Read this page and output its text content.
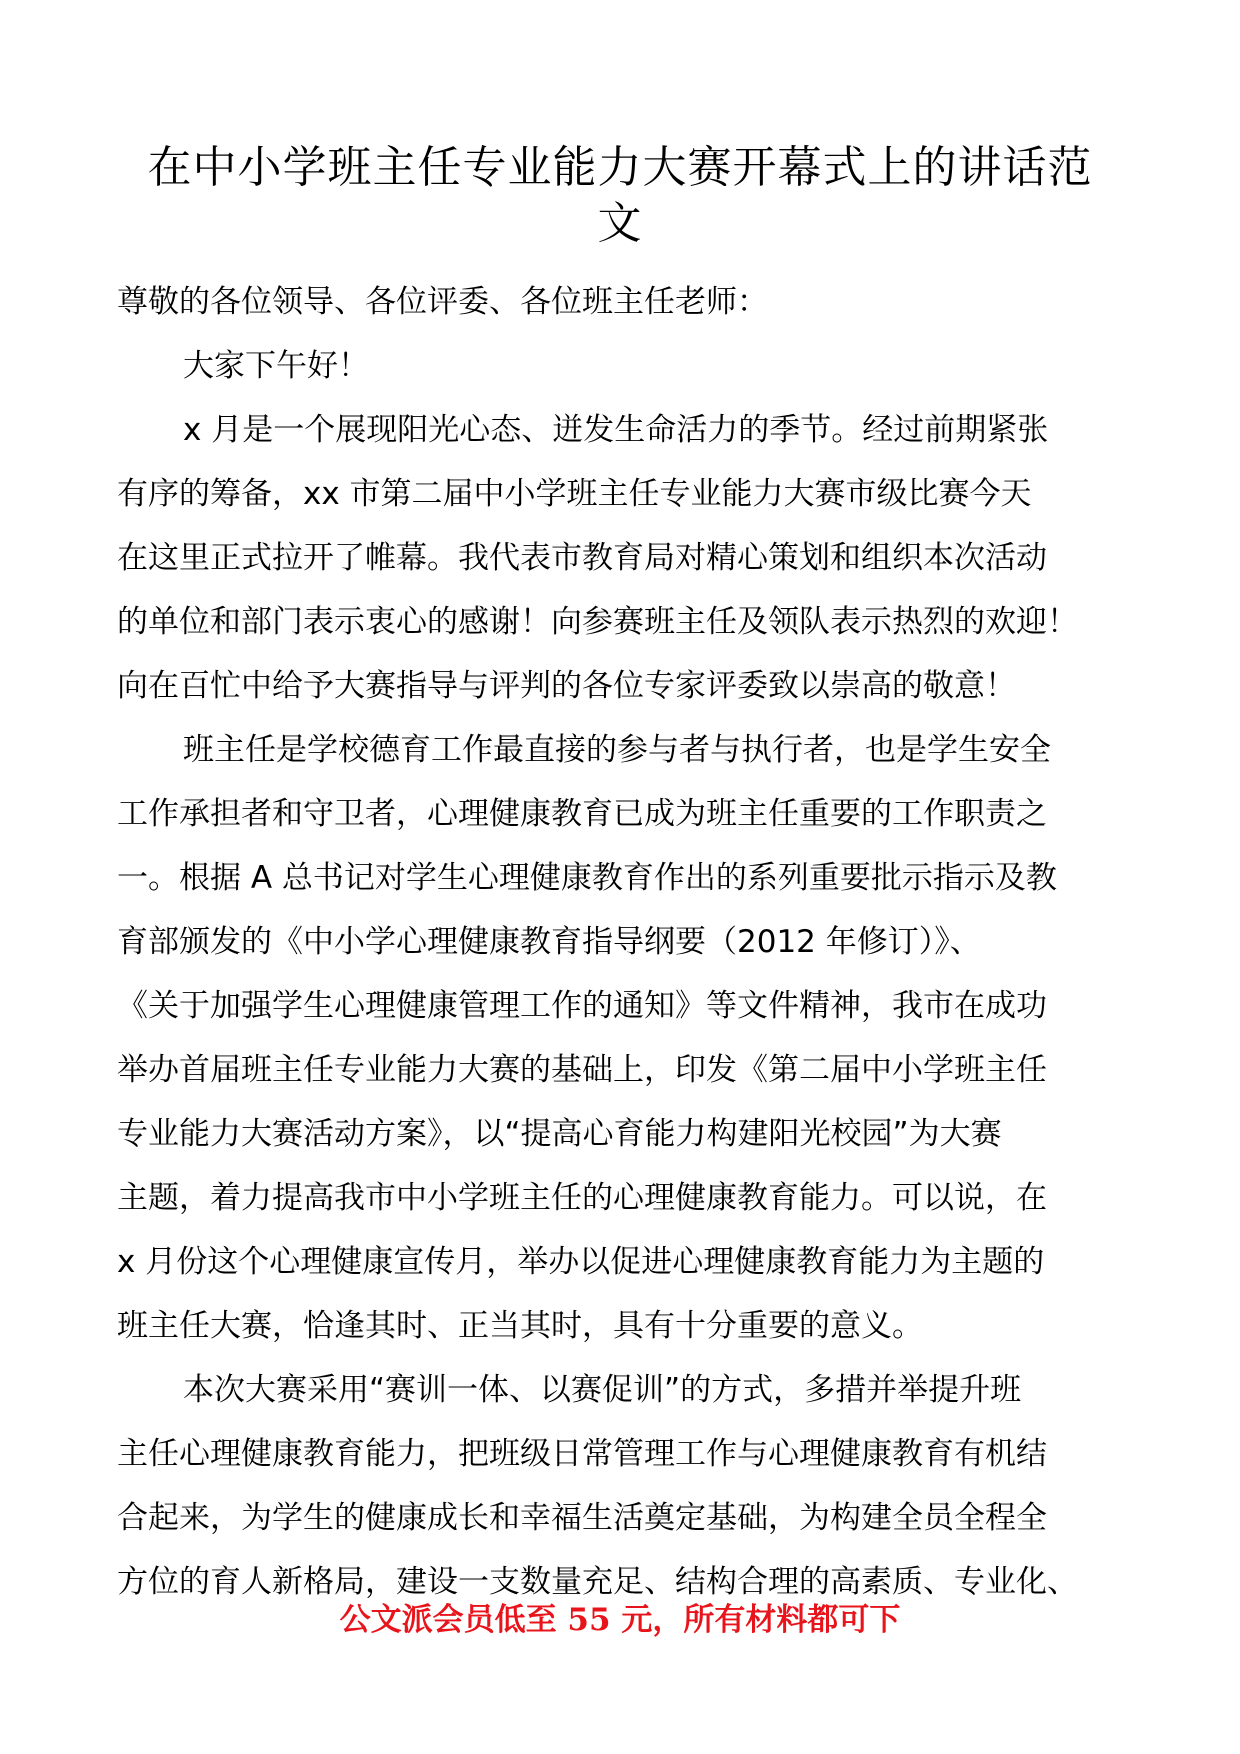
在中小学班主任专业能力大赛开幕式上的讲话范
文
尊敬的各位领导、各位评委、各位班主任老师：
大家下午好！
x 月是一个展现阳光心态、迸发生命活力的季节。经过前期紧张
有序的筹备，xx 市第二届中小学班主任专业能力大赛市级比赛今天
在这里正式拉开了帷幕。我代表市教育局对精心策划和组织本次活动
的单位和部门表示衷心的感谢！向参赛班主任及领队表示热烈的欢迎！
向在百忙中给予大赛指导与评判的各位专家评委致以崇高的敬意！
班主任是学校德育工作最直接的参与者与执行者，也是学生安全
工作承担者和守卫者，心理健康教育已成为班主任重要的工作职责之
一。根据 A 总书记对学生心理健康教育作出的系列重要批示指示及教
育部颁发的《中小学心理健康教育指导纲要（2012 年修订）》、
《关于加强学生心理健康管理工作的通知》等文件精神，我市在成功
举办首届班主任专业能力大赛的基础上，印发《第二届中小学班主任
专业能力大赛活动方案》，以“提高心育能力构建阳光校园”为大赛
主题，着力提高我市中小学班主任的心理健康教育能力。可以说，在
x 月份这个心理健康宣传月，举办以促进心理健康教育能力为主题的
班主任大赛，恰逢其时、正当其时，具有十分重要的意义。
本次大赛采用“赛训一体、以赛促训”的方式，多措并举提升班
主任心理健康教育能力，把班级日常管理工作与心理健康教育有机结
合起来，为学生的健康成长和幸福生活奠定基础，为构建全员全程全
方位的育人新格局，建设一支数量充足、结构合理的高素质、专业化、
公文派会员低至 55 元，所有材料都可下
